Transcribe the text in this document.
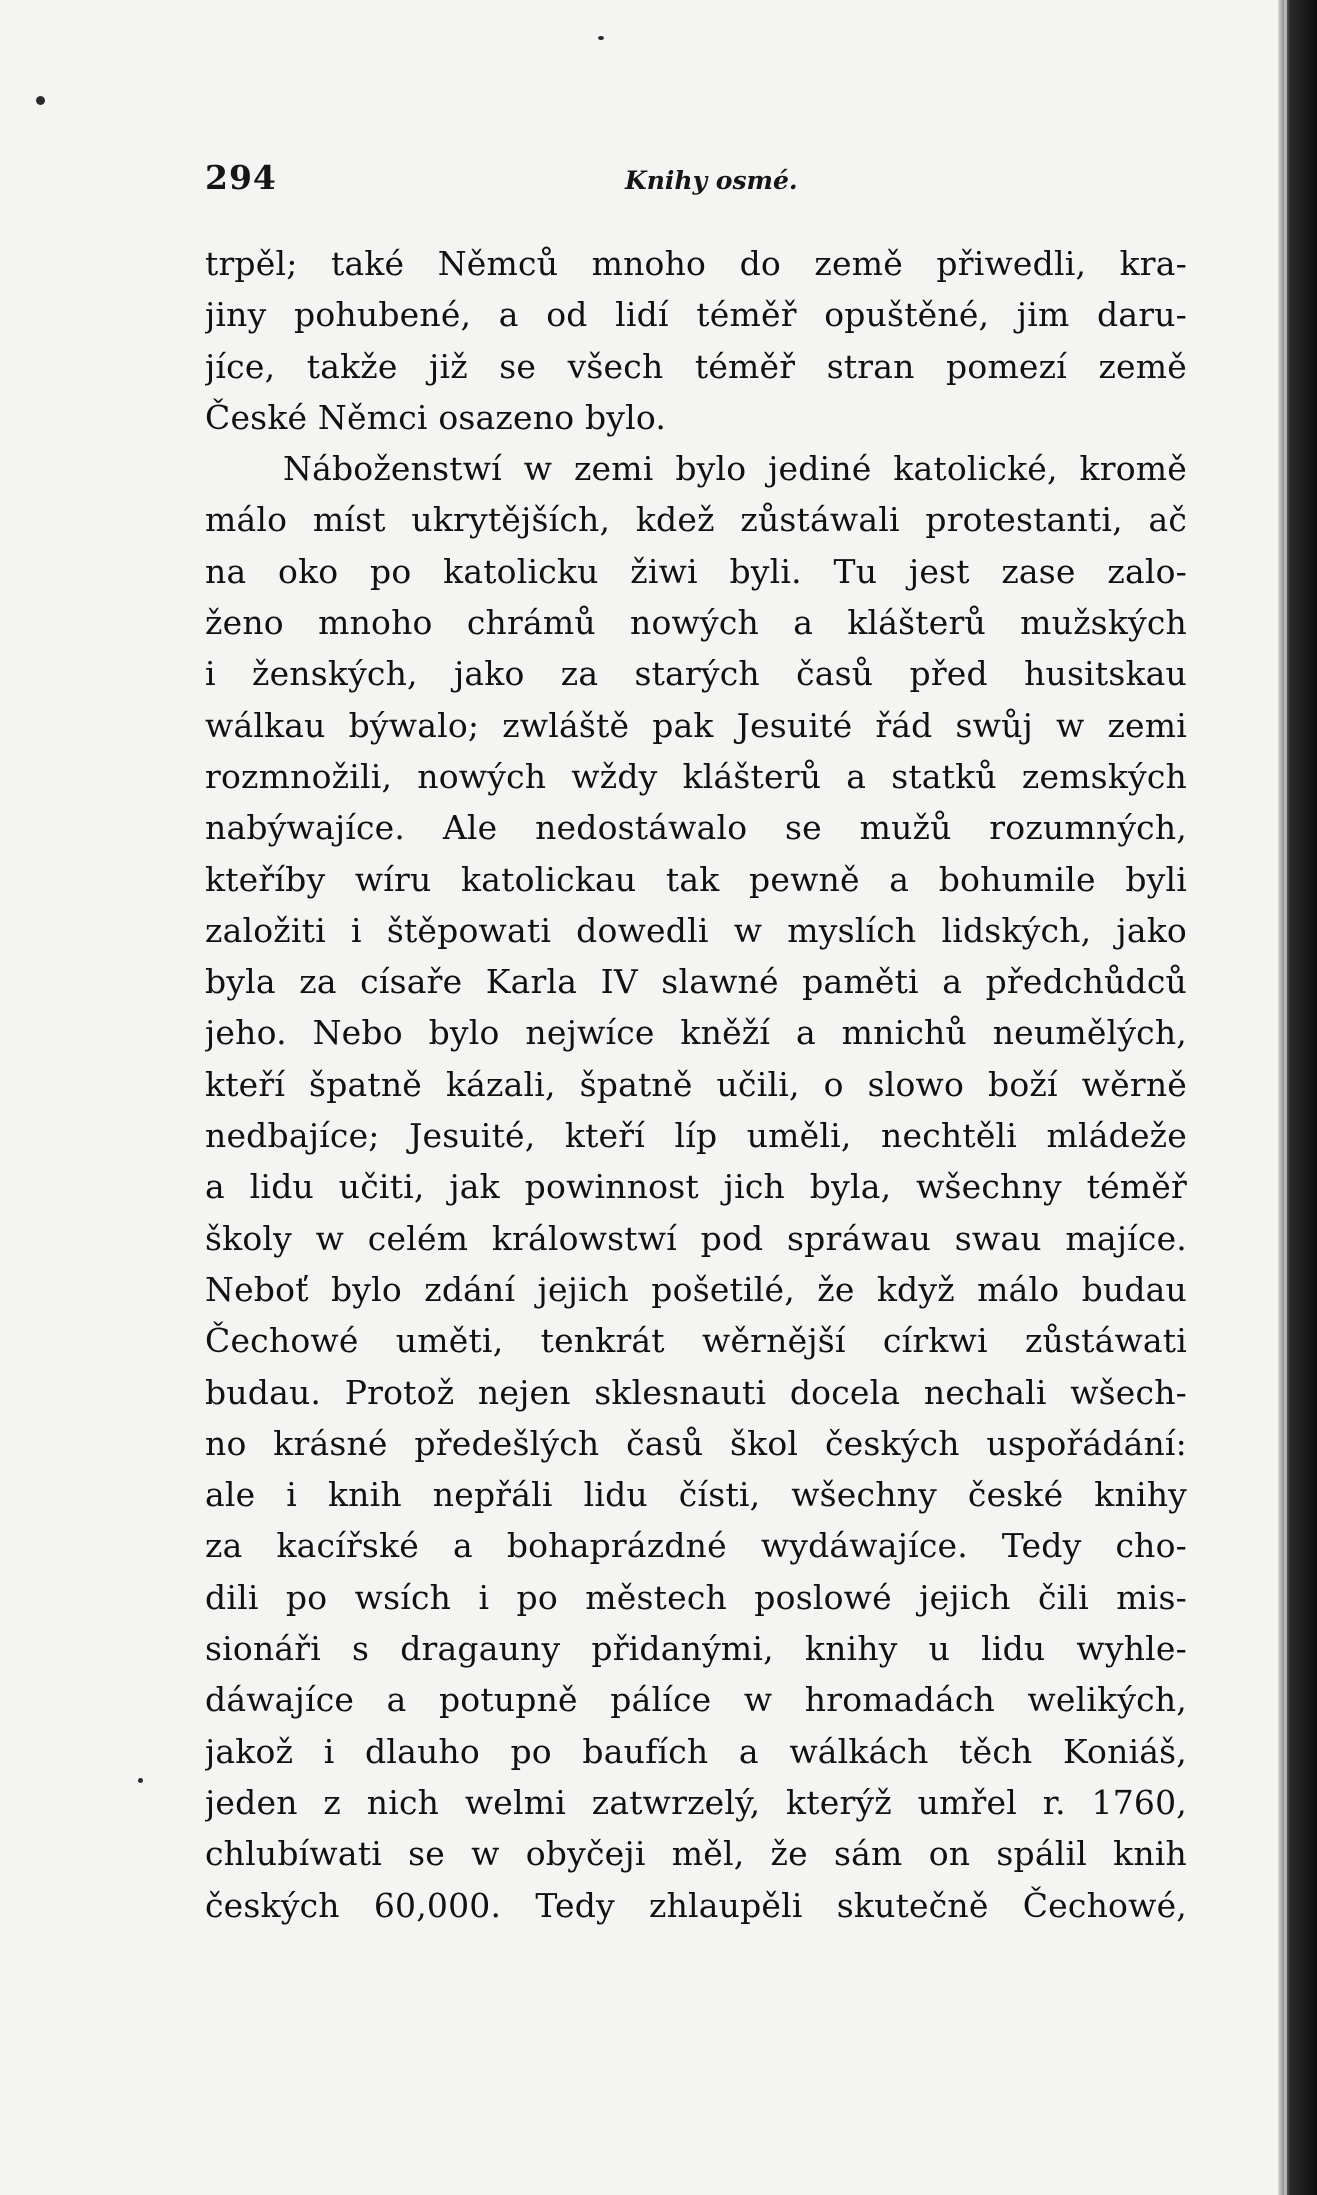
294	Knihy osmé.
trpěl; také Němců mnoho do země přiwedli, kra-
jiny pohubené, a od lidí téměř opuštěné, jim daru-
jíce, takže již se všech téměř stran pomezí země
České Němci osazeno bylo.
Náboženstwí w zemi bylo jediné katolické, kromě
málo míst ukrytějších, kdež zůstáwali protestanti, ač
na oko po katolicku žiwi byli. Tu jest zase zalo-
ženo mnoho chrámů nowých a klášterů mužských
i ženských, jako za starých časů před husitskau
wálkau býwalo; zwláště pak Jesuité řád swůj w zemi
rozmnožili, nowých wždy klášterů a statků zemských
nabýwajíce. Ale nedostáwalo se mužů rozumných,
kteříby wíru katolickau tak pewně a bohumile byli
založiti i štěpowati dowedli w myslích lidských, jako
byla za císaře Karla IV slawné paměti a předchůdců
jeho. Nebo bylo nejwíce kněží a mnichů neumělých,
kteří špatně kázali, špatně učili, o slowo boží wěrně
nedbajíce; Jesuité, kteří líp uměli, nechtěli mládeže
a lidu učiti, jak powinnost jich byla, wšechny téměř
školy w celém králowstwí pod spráwau swau majíce.
Neboť bylo zdání jejich pošetilé, že když málo budau
Čechowé uměti, tenkrát wěrnější církwi zůstáwati
budau. Protož nejen sklesnauti docela nechali wšech-
no krásné předešlých časů škol českých uspořádání:
ale i knih nepřáli lidu čísti, wšechny české knihy
za kacířské a bohaprázdné wydáwajíce. Tedy cho-
dili po wsích i po městech poslowé jejich čili mis-
sionáři s dragauny přidanými, knihy u lidu wyhle-
dáwajíce a potupně pálíce w hromadách welikých,
jakož i dlauho po baufích a wálkách těch Koniáš,
jeden z nich welmi zatwrzelý, kterýž umřel r. 1760,
chlubíwati se w obyčeji měl, že sám on spálil knih
českých 60,000. Tedy zhlaupěli skutečně Čechowé,
